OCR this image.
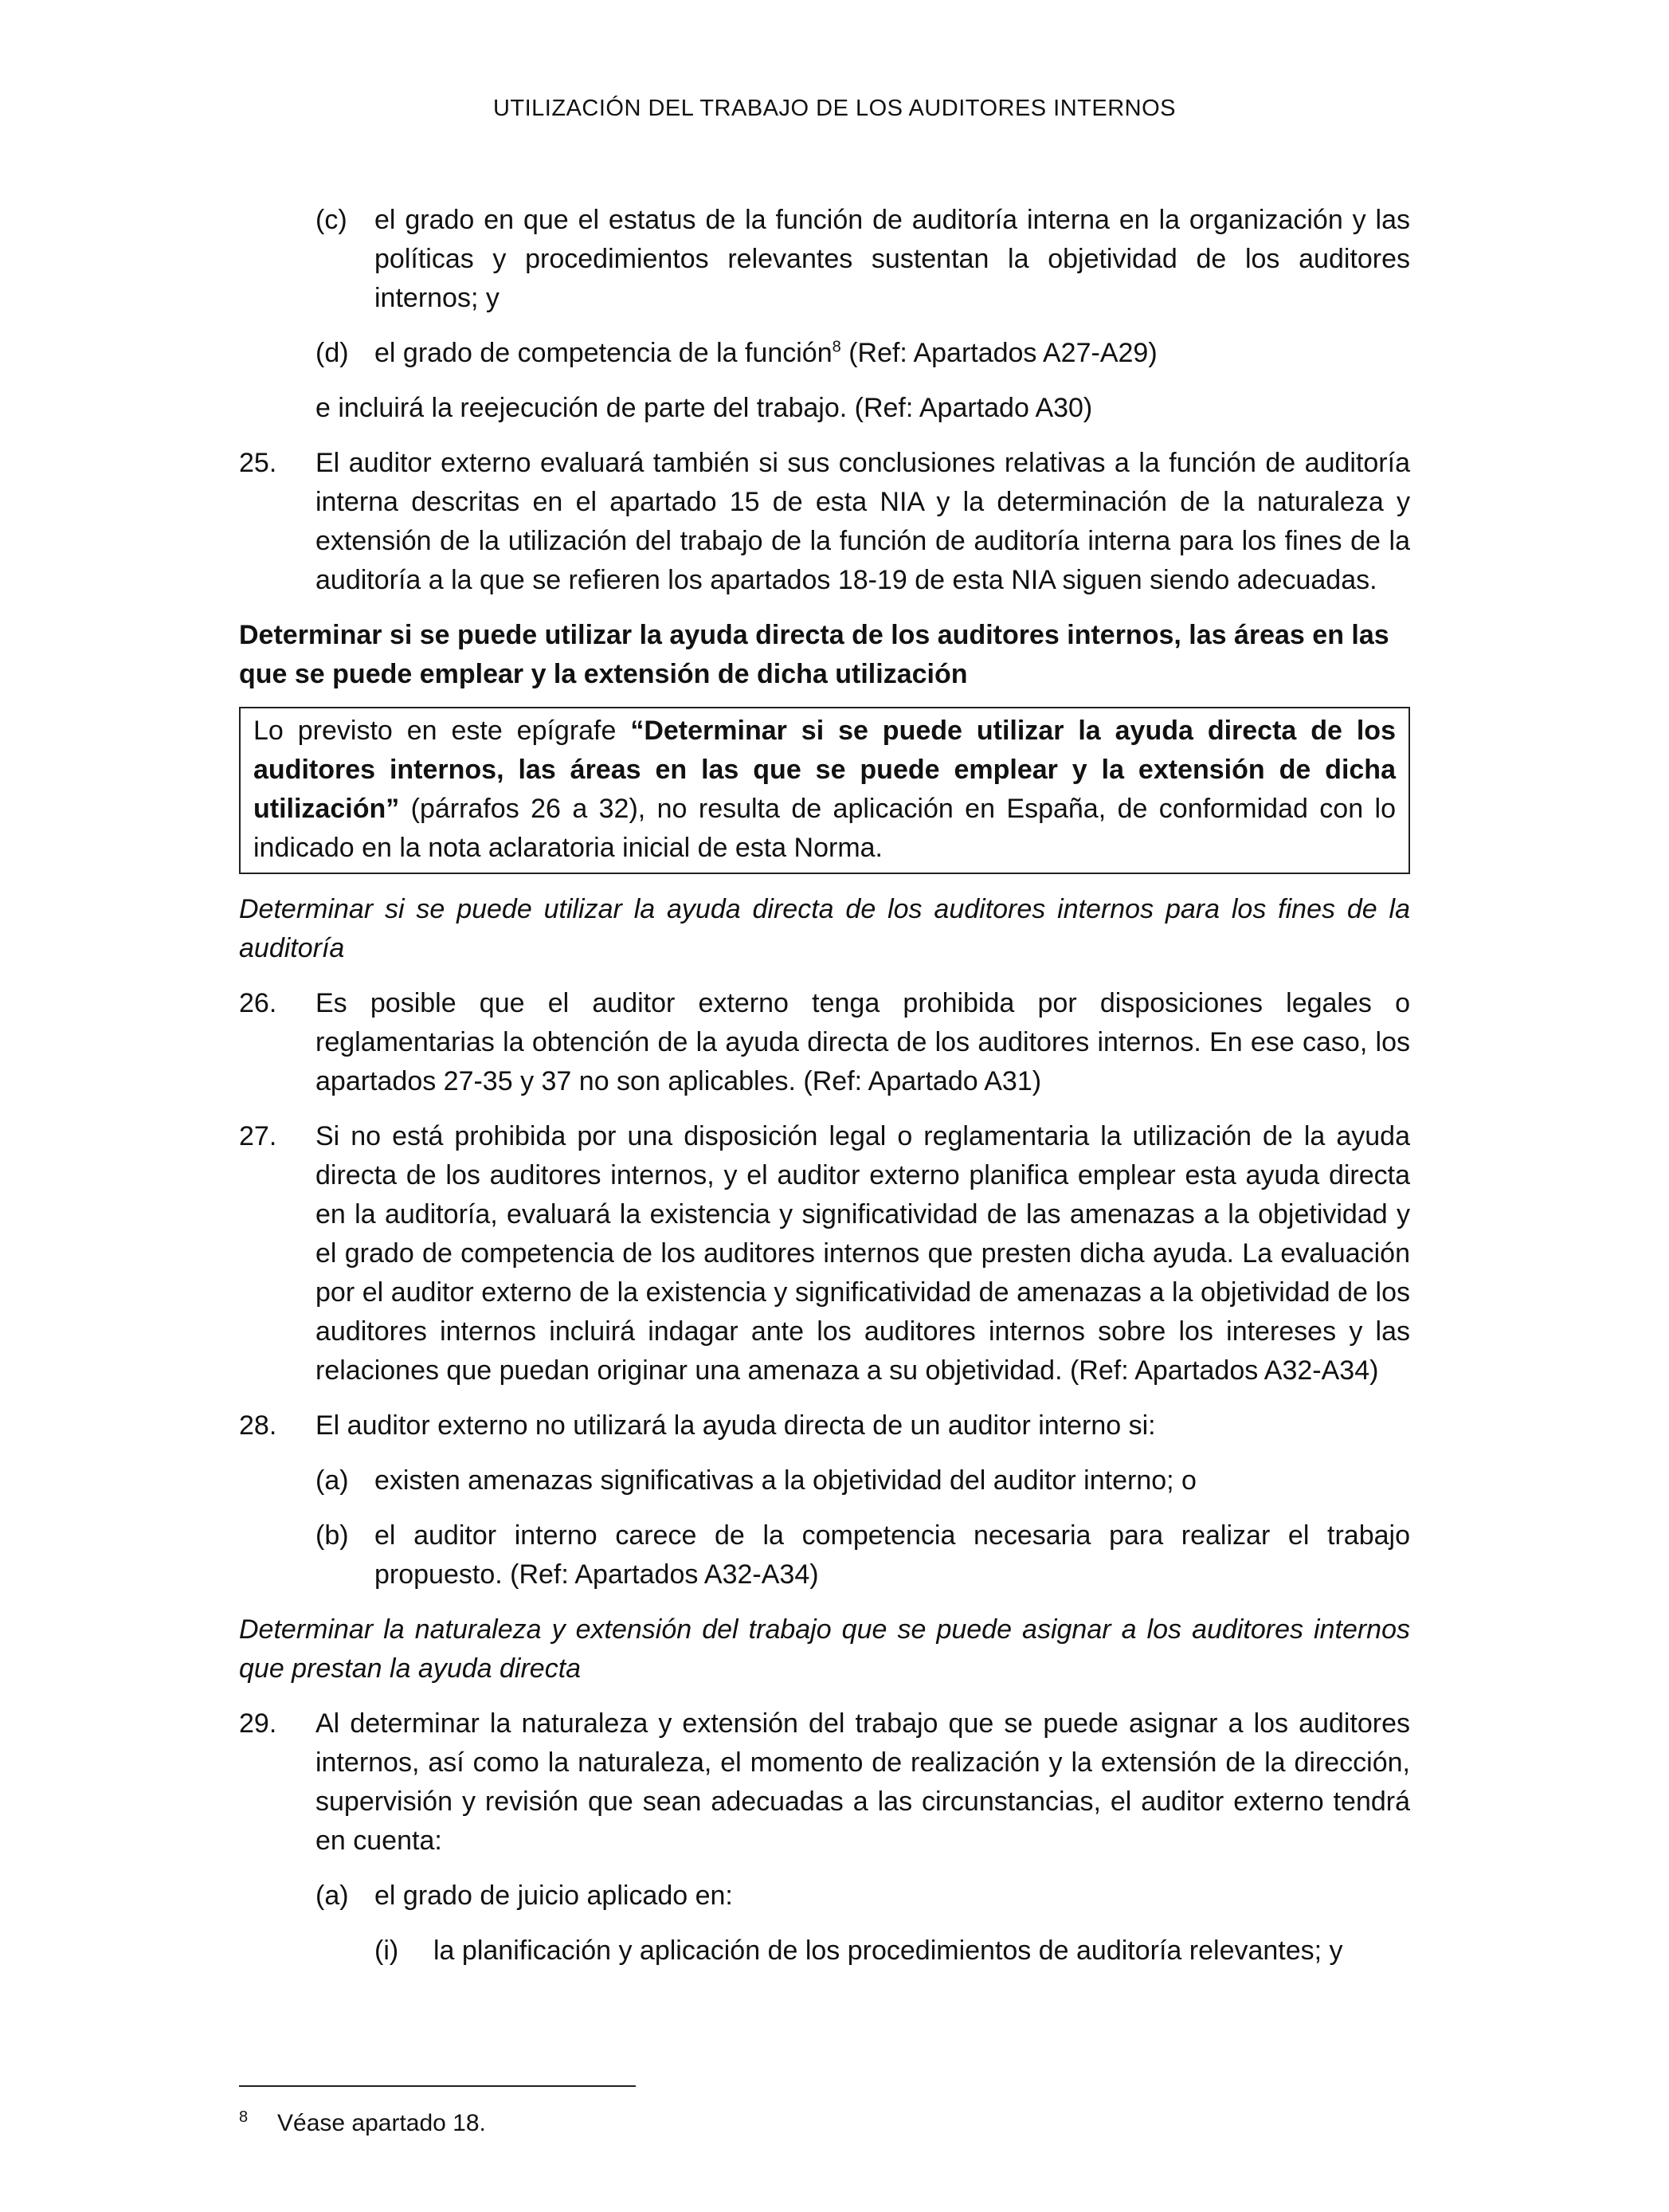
UTILIZACIÓN DEL TRABAJO DE LOS AUDITORES INTERNOS
(c) el grado en que el estatus de la función de auditoría interna en la organización y las políticas y procedimientos relevantes sustentan la objetividad de los auditores internos; y
(d) el grado de competencia de la función$^8$ (Ref: Apartados A27-A29)
e incluirá la reejecución de parte del trabajo. (Ref: Apartado A30)
25. El auditor externo evaluará también si sus conclusiones relativas a la función de auditoría interna descritas en el apartado 15 de esta NIA y la determinación de la naturaleza y extensión de la utilización del trabajo de la función de auditoría interna para los fines de la auditoría a la que se refieren los apartados 18-19 de esta NIA siguen siendo adecuadas.
Determinar si se puede utilizar la ayuda directa de los auditores internos, las áreas en las que se puede emplear y la extensión de dicha utilización
Lo previsto en este epígrafe “Determinar si se puede utilizar la ayuda directa de los auditores internos, las áreas en las que se puede emplear y la extensión de dicha utilización” (párrafos 26 a 32), no resulta de aplicación en España, de conformidad con lo indicado en la nota aclaratoria inicial de esta Norma.
Determinar si se puede utilizar la ayuda directa de los auditores internos para los fines de la auditoría
26. Es posible que el auditor externo tenga prohibida por disposiciones legales o reglamentarias la obtención de la ayuda directa de los auditores internos. En ese caso, los apartados 27-35 y 37 no son aplicables. (Ref: Apartado A31)
27. Si no está prohibida por una disposición legal o reglamentaria la utilización de la ayuda directa de los auditores internos, y el auditor externo planifica emplear esta ayuda directa en la auditoría, evaluará la existencia y significatividad de las amenazas a la objetividad y el grado de competencia de los auditores internos que presten dicha ayuda. La evaluación por el auditor externo de la existencia y significatividad de amenazas a la objetividad de los auditores internos incluirá indagar ante los auditores internos sobre los intereses y las relaciones que puedan originar una amenaza a su objetividad. (Ref: Apartados A32-A34)
28. El auditor externo no utilizará la ayuda directa de un auditor interno si:
(a) existen amenazas significativas a la objetividad del auditor interno; o
(b) el auditor interno carece de la competencia necesaria para realizar el trabajo propuesto. (Ref: Apartados A32-A34)
Determinar la naturaleza y extensión del trabajo que se puede asignar a los auditores internos que prestan la ayuda directa
29. Al determinar la naturaleza y extensión del trabajo que se puede asignar a los auditores internos, así como la naturaleza, el momento de realización y la extensión de la dirección, supervisión y revisión que sean adecuadas a las circunstancias, el auditor externo tendrá en cuenta:
(a) el grado de juicio aplicado en:
(i) la planificación y aplicación de los procedimientos de auditoría relevantes; y
8 Véase apartado 18.
